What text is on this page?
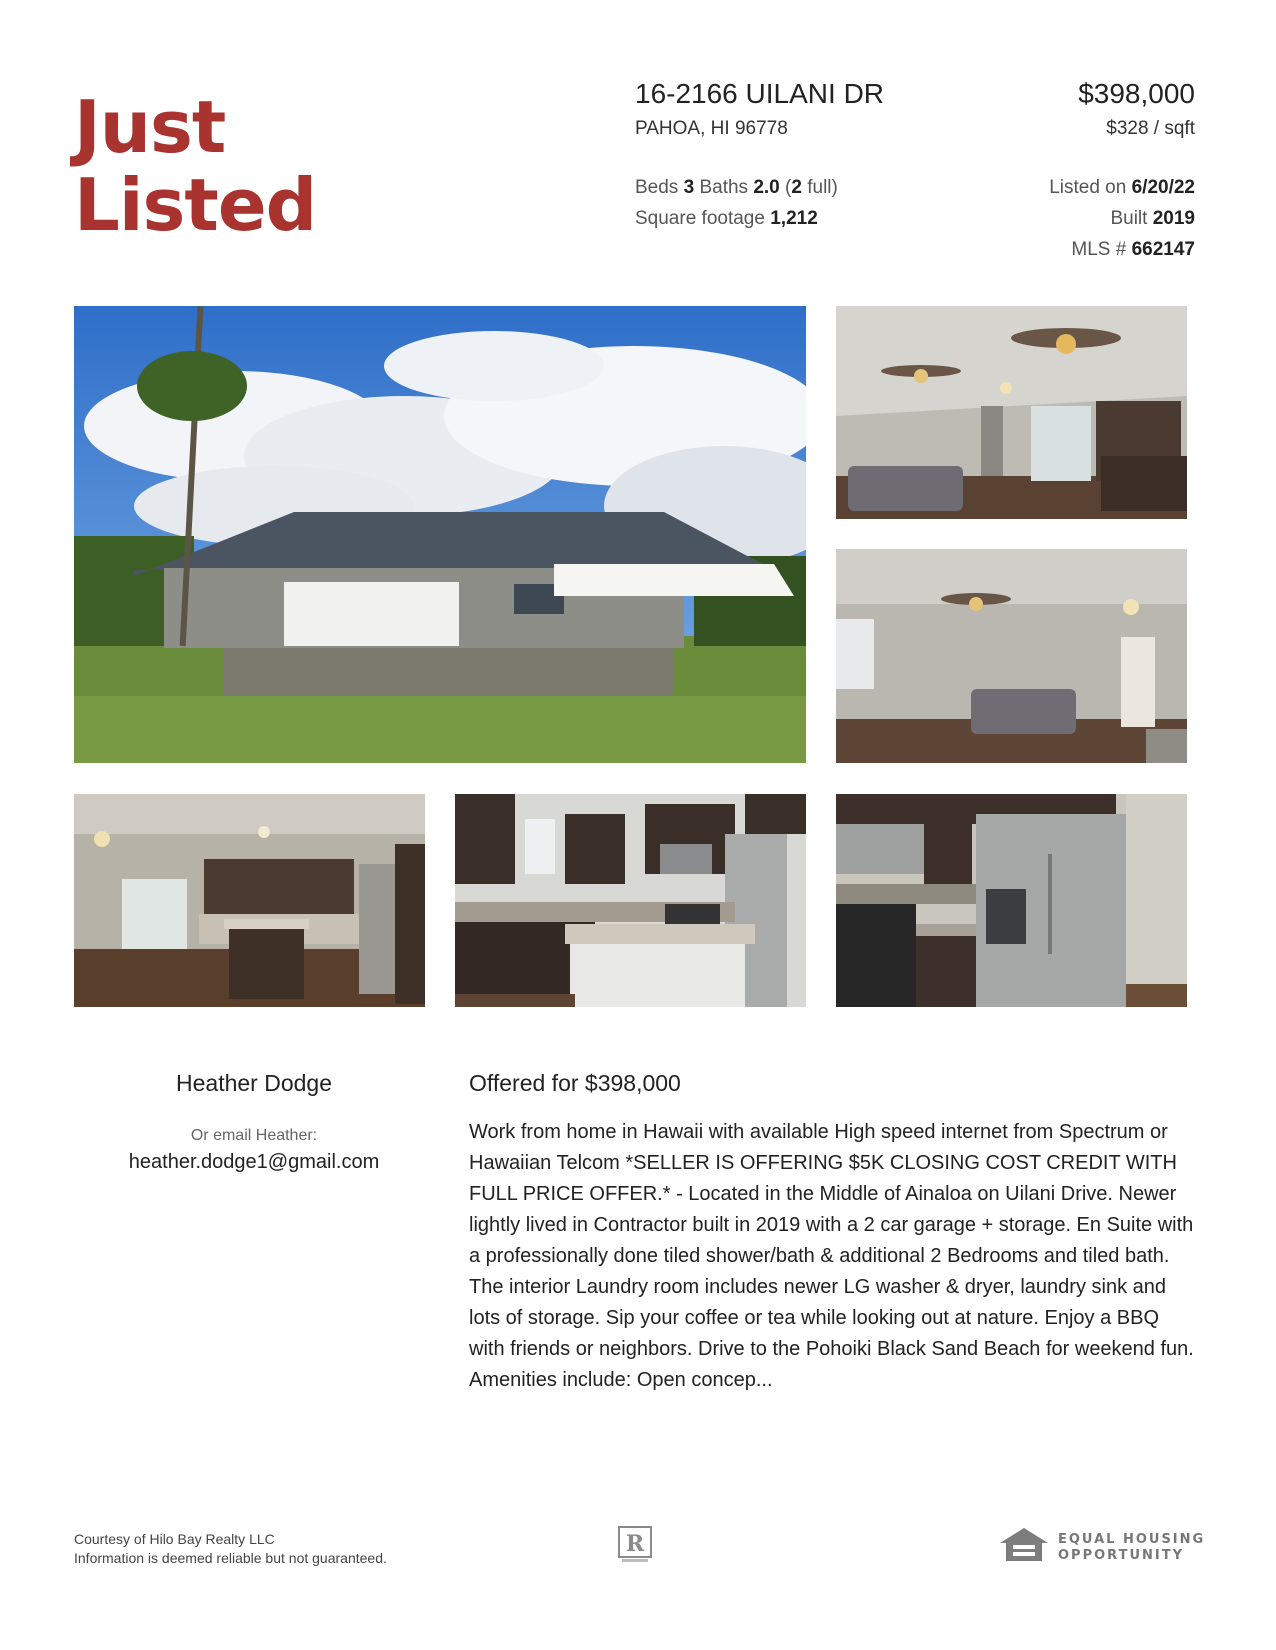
Just
Listed
16-2166 UILANI DR	$398,000
PAHOA, HI 96778	$328 / sqft
Beds 3 Baths 2.0 (2 full)
Square footage 1,212
Listed on 6/20/22
Built 2019
MLS # 662147
Heather Dodge
Or email Heather:
heather.dodge1@gmail.com
Offered for $398,000
Work from home in Hawaii with available High speed internet from Spectrum or Hawaiian Telcom *SELLER IS OFFERING $5K CLOSING COST CREDIT WITH FULL PRICE OFFER.* - Located in the Middle of Ainaloa on Uilani Drive. Newer lightly lived in Contractor built in 2019 with a 2 car garage + storage. En Suite with a professionally done tiled shower/bath & additional 2 Bedrooms and tiled bath. The interior Laundry room includes newer LG washer & dryer, laundry sink and lots of storage. Sip your coffee or tea while looking out at nature. Enjoy a BBQ with friends or neighbors. Drive to the Pohoiki Black Sand Beach for weekend fun. Amenities include: Open concep...
Courtesy of Hilo Bay Realty LLC
Information is deemed reliable but not guaranteed.
R	EQUAL HOUSING
OPPORTUNITY
